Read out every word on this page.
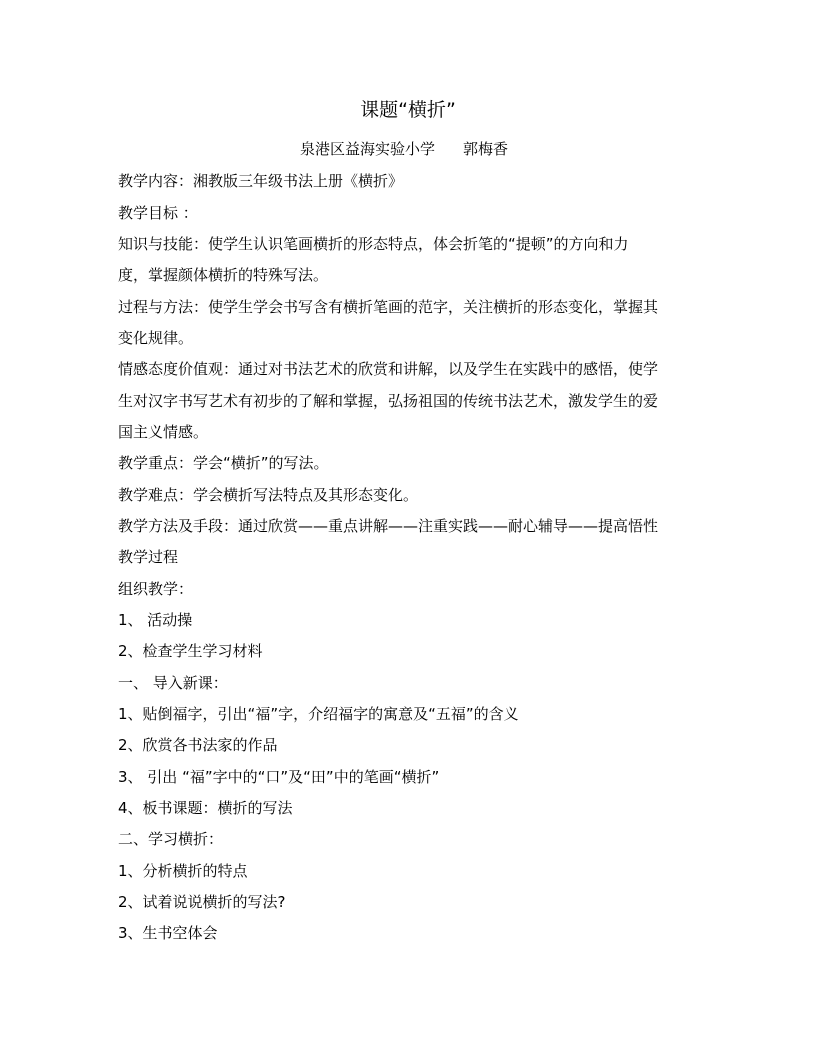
课题“横折”
泉港区益海实验小学 郭梅香
教学内容：湘教版三年级书法上册《横折》
教学目标 ：
知识与技能：使学生认识笔画横折的形态特点，体会折笔的“提顿”的方向和力
度，掌握颜体横折的特殊写法。
过程与方法：使学生学会书写含有横折笔画的范字，关注横折的形态变化，掌握其
变化规律。
情感态度价值观：通过对书法艺术的欣赏和讲解，以及学生在实践中的感悟，使学
生对汉字书写艺术有初步的了解和掌握，弘扬祖国的传统书法艺术，激发学生的爱
国主义情感。
教学重点：学会“横折”的写法。
教学难点：学会横折写法特点及其形态变化。
教学方法及手段：通过欣赏——重点讲解——注重实践——耐心辅导——提高悟性
教学过程
组织教学：
1、 活动操
2、检查学生学习材料
一、 导入新课：
1、贴倒福字，引出“福”字，介绍福字的寓意及“五福”的含义
2、欣赏各书法家的作品
3、 引出 “福”字中的“口”及“田”中的笔画“横折”
4、板书课题：横折的写法
二、学习横折：
1、分析横折的特点
2、试着说说横折的写法?
3、生书空体会
